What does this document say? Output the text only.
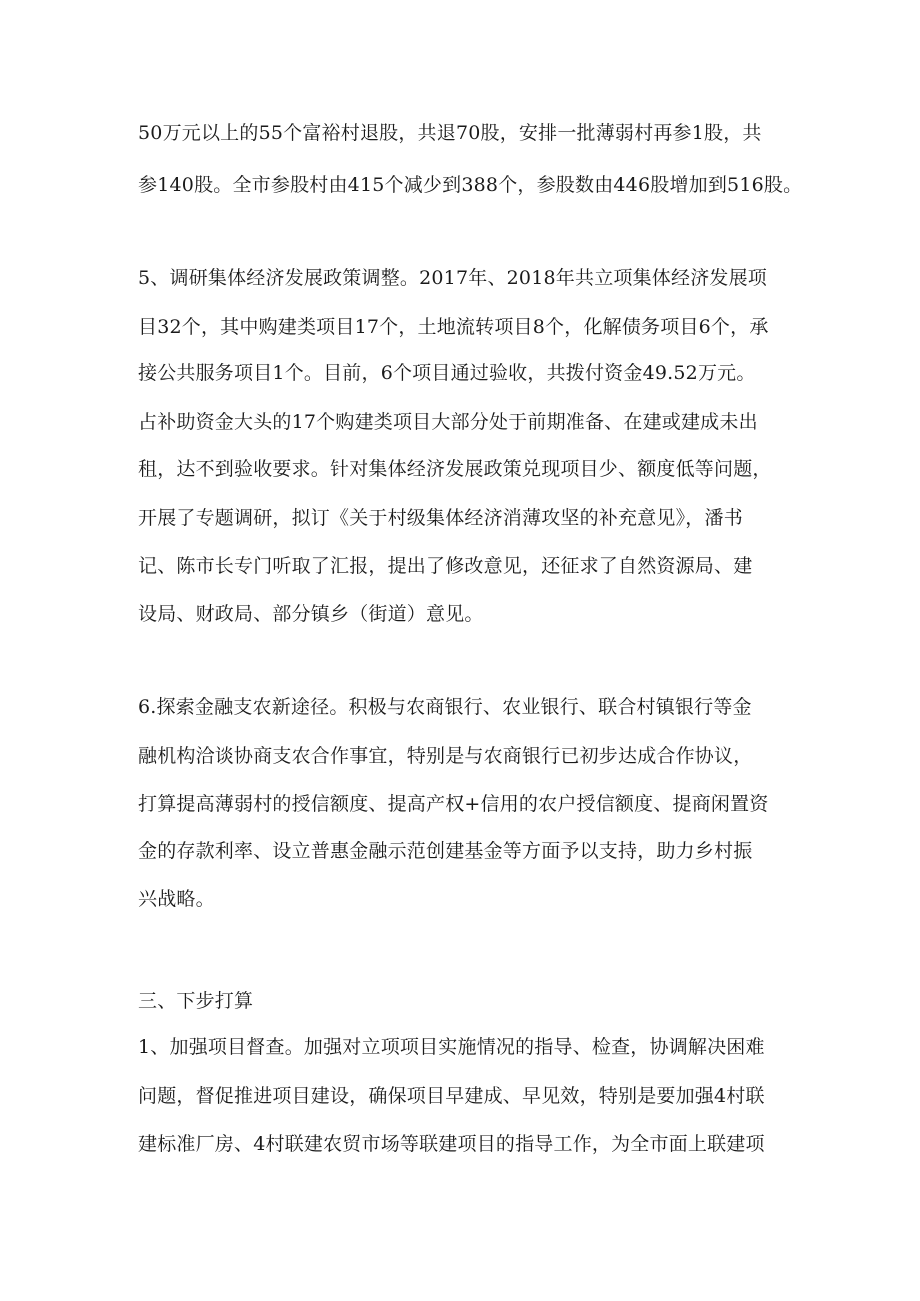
50万元以上的55个富裕村退股，共退70股，安排一批薄弱村再参1股，共
参140股。全市参股村由415个减少到388个，参股数由446股增加到516股。
5、调研集体经济发展政策调整。2017年、2018年共立项集体经济发展项
目32个，其中购建类项目17个，土地流转项目8个，化解债务项目6个，承
接公共服务项目1个。目前，6个项目通过验收，共拨付资金49.52万元。
占补助资金大头的17个购建类项目大部分处于前期准备、在建或建成未出
租，达不到验收要求。针对集体经济发展政策兑现项目少、额度低等问题，
开展了专题调研，拟订《关于村级集体经济消薄攻坚的补充意见》，潘书
记、陈市长专门听取了汇报，提出了修改意见，还征求了自然资源局、建
设局、财政局、部分镇乡（街道）意见。
6.探索金融支农新途径。积极与农商银行、农业银行、联合村镇银行等金
融机构洽谈协商支农合作事宜，特别是与农商银行已初步达成合作协议，
打算提高薄弱村的授信额度、提高产权+信用的农户授信额度、提商闲置资
金的存款利率、设立普惠金融示范创建基金等方面予以支持，助力乡村振
兴战略。
三、下步打算
1、加强项目督查。加强对立项项目实施情况的指导、检查，协调解决困难
问题，督促推进项目建设，确保项目早建成、早见效，特别是要加强4村联
建标准厂房、4村联建农贸市场等联建项目的指导工作，为全市面上联建项
